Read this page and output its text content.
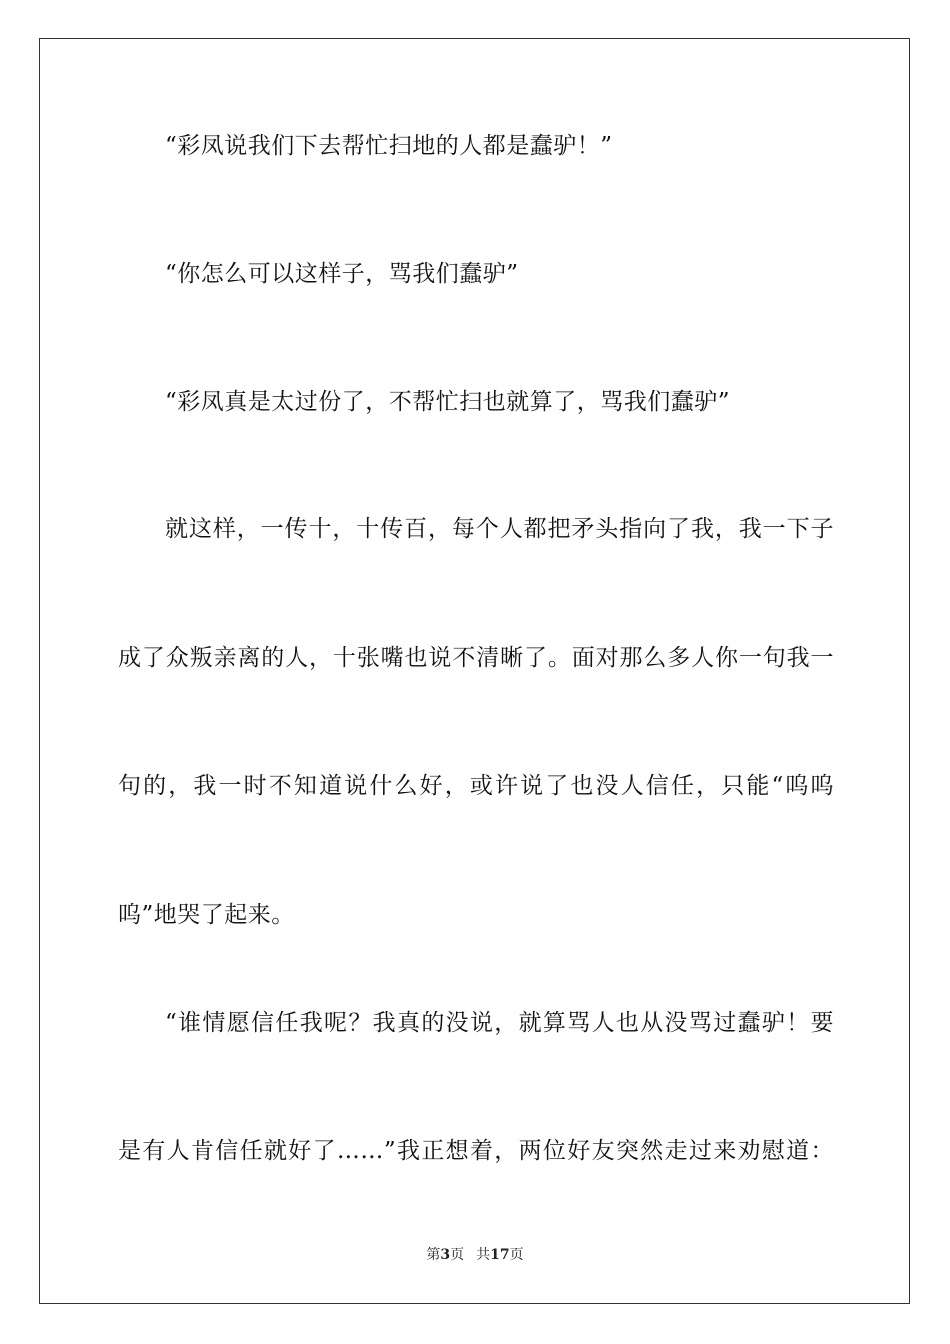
“彩凤说我们下去帮忙扫地的人都是蠢驴！”
“你怎么可以这样子，骂我们蠢驴”
“彩凤真是太过份了，不帮忙扫也就算了，骂我们蠢驴”
就这样，一传十，十传百，每个人都把矛头指向了我，我一下子
成了众叛亲离的人，十张嘴也说不清晰了。面对那么多人你一句我一
句的，我一时不知道说什么好，或许说了也没人信任，只能“呜呜
呜”地哭了起来。
“谁情愿信任我呢？我真的没说，就算骂人也从没骂过蠢驴！要
是有人肯信任就好了……”我正想着，两位好友突然走过来劝慰道：
第3页 共17页
